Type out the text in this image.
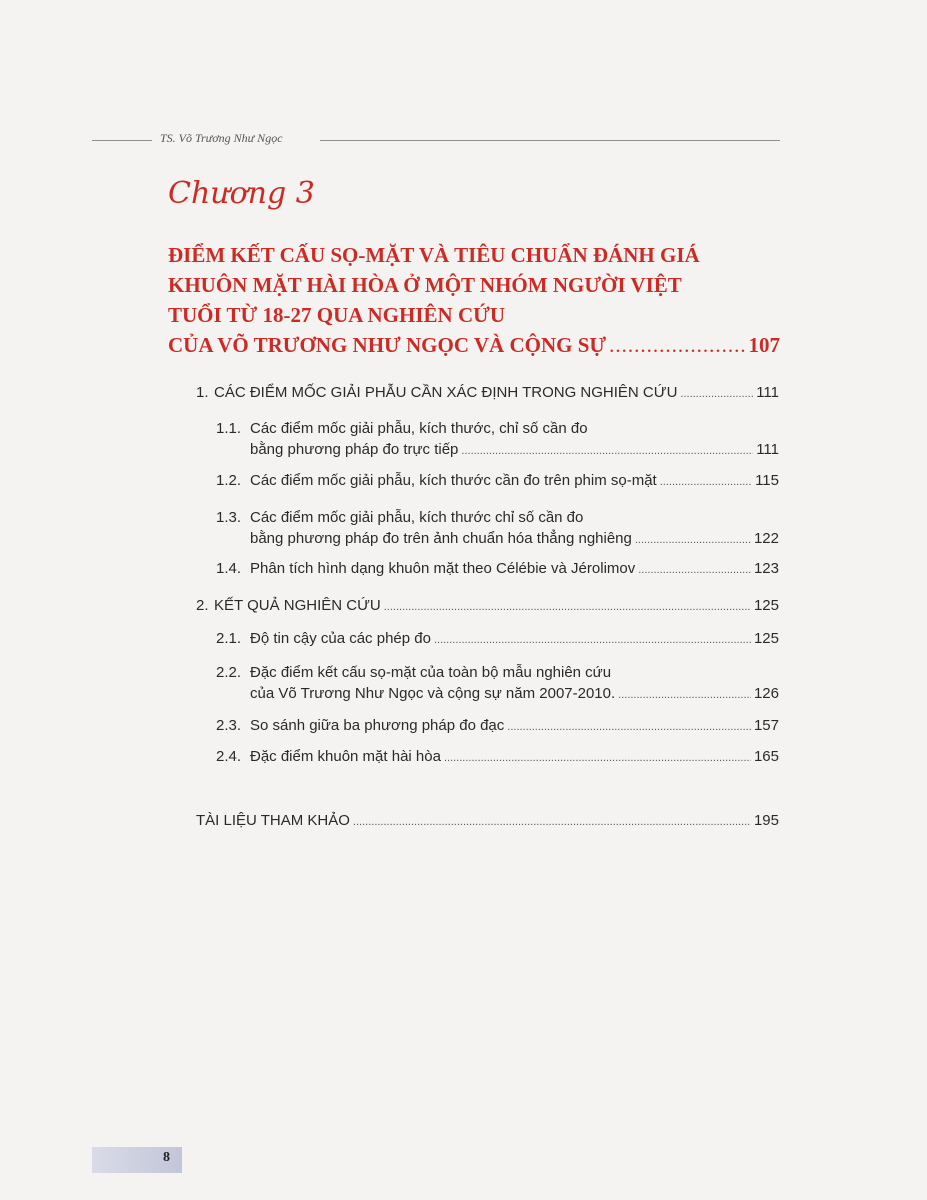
TS. Võ Trương Như Ngọc
Chương 3
ĐIỂM KẾT CẤU SỌ-MẶT VÀ TIÊU CHUẨN ĐÁNH GIÁ
KHUÔN MẶT HÀI HÒA Ở MỘT NHÓM NGƯỜI VIỆT
TUỔI TỪ 18-27 QUA NGHIÊN CỨU
CỦA VÕ TRƯƠNG NHƯ NGỌC VÀ CỘNG SỰ .....	107
1. CÁC ĐIỂM MỐC GIẢI PHẪU CẦN XÁC ĐỊNH TRONG NGHIÊN CỨU .....	111
1.1. Các điểm mốc giải phẫu, kích thước, chỉ số cần đo
bằng phương pháp đo trực tiếp .....	111
1.2. Các điểm mốc giải phẫu, kích thước cần đo trên phim sọ-mặt .....	115
1.3. Các điểm mốc giải phẫu, kích thước chỉ số cần đo
bằng phương pháp đo trên ảnh chuẩn hóa thẳng nghiêng .....	122
1.4. Phân tích hình dạng khuôn mặt theo Célébie và Jérolimov .....	123
2. KẾT QUẢ NGHIÊN CỨU .....	125
2.1. Độ tin cậy của các phép đo .....	125
2.2. Đặc điểm kết cấu sọ-mặt của toàn bộ mẫu nghiên cứu
của Võ Trương Như Ngọc và cộng sự năm 2007-2010. .....	126
2.3. So sánh giữa ba phương pháp đo đạc .....	157
2.4. Đặc điểm khuôn mặt hài hòa .....	165
TÀI LIỆU THAM KHẢO .....	195
8
